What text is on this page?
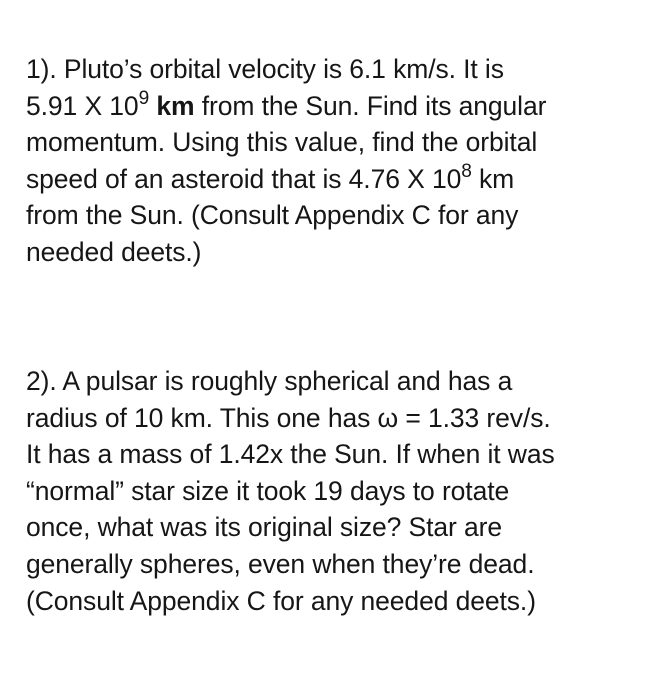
1). Pluto’s orbital velocity is 6.1 km/s. It is
5.91 X $10^9$ km from the Sun. Find its angular
momentum. Using this value, find the orbital
speed of an asteroid that is 4.76 X $10^8$ km
from the Sun. (Consult Appendix C for any
needed deets.)
2). A pulsar is roughly spherical and has a
radius of 10 km. This one has ω = 1.33 rev/s.
It has a mass of 1.42x the Sun. If when it was
“normal” star size it took 19 days to rotate
once, what was its original size? Star are
generally spheres, even when they’re dead.
(Consult Appendix C for any needed deets.)
